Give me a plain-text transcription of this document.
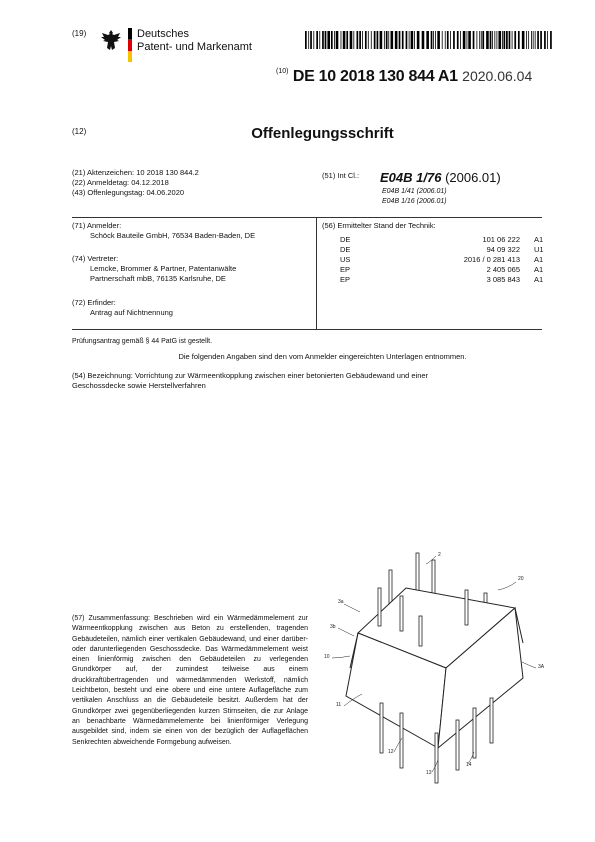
(19)	Deutsches
Patent- und Markenamt
$^{(10)}$ DE 10 2018 130 844 A1 2020.06.04
(12)	Offenlegungsschrift
(21) Aktenzeichen: 10 2018 130 844.2
(22) Anmeldetag: 04.12.2018
(43) Offenlegungstag: 04.06.2020
(51) Int Cl.: E04B 1/76 (2006.01)
E04B 1/41 (2006.01)
E04B 1/16 (2006.01)
(71) Anmelder:
Schöck Bauteile GmbH, 76534 Baden-Baden, DE
(74) Vertreter:
Lemcke, Brommer & Partner, Patentanwälte
Partnerschaft mbB, 76135 Karlsruhe, DE
(72) Erfinder:
Antrag auf Nichtnennung
(56) Ermittelter Stand der Technik:
DE	101 06 222	A1
DE	94 09 322	U1
US	2016 / 0 281 413	A1
EP	2 405 065	A1
EP	3 085 843	A1
Prüfungsantrag gemäß § 44 PatG ist gestellt.
Die folgenden Angaben sind den vom Anmelder eingereichten Unterlagen entnommen.
(54) Bezeichnung: Vorrichtung zur Wärmeentkopplung zwischen einer betonierten Gebäudewand und einer
Geschossdecke sowie Herstellverfahren
(57) Zusammenfassung: Beschrieben wird ein Wärmedämmelement zur Wärmeentkopplung zwischen aus Beton zu erstellenden, tragenden Gebäudeteilen, nämlich einer vertikalen Gebäudewand, und einer darüber- oder darunterliegenden Geschossdecke. Das Wärmedämmelement weist einen linienförmig zwischen den Gebäudeteilen zu verlegenden Grundkörper auf, der zumindest teilweise aus einem druckkraftübertragenden und wärmedämmenden Werkstoff, nämlich Leichtbeton, besteht und eine obere und eine untere Auflagefläche zum vertikalen Anschluss an die Gebäudeteile besitzt. Außerdem hat der Grundkörper zwei gegenüberliegenden kurzen Stirnseiten, die zur Anlage an benachbarte Wärmedämmelemente bei linienförmiger Verlegung ausgebildet sind, indem sie einen von der bezüglich der Auflageflächen Senkrechten abweichende Formgebung aufweisen.
2
20
3a
3b
10
3A
11
12
13
14
